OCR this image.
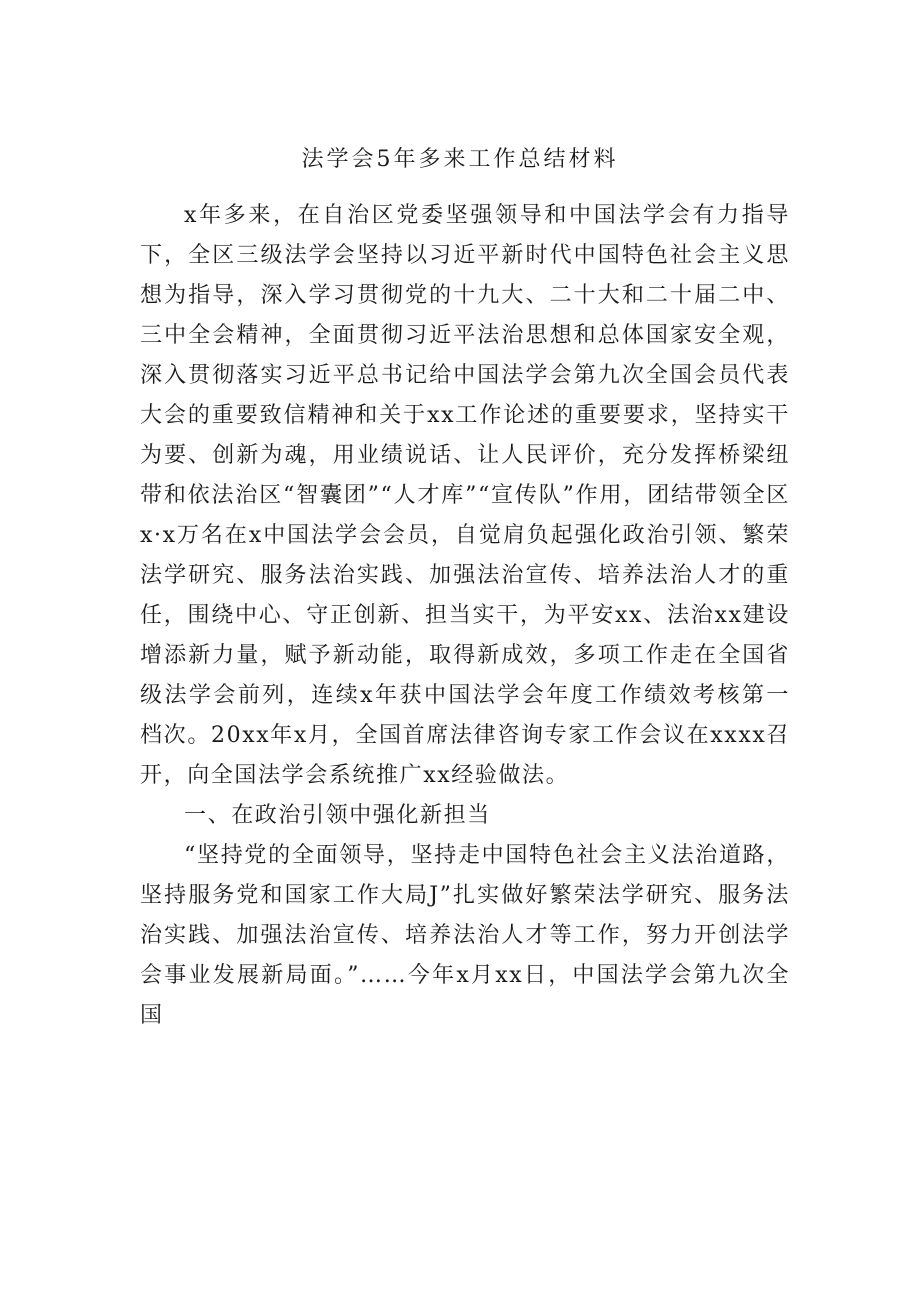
法学会5年多来工作总结材料

x年多来，在自治区党委坚强领导和中国法学会有力指导下，全区三级法学会坚持以习近平新时代中国特色社会主义思想为指导，深入学习贯彻党的十九大、二十大和二十届二中、三中全会精神，全面贯彻习近平法治思想和总体国家安全观，深入贯彻落实习近平总书记给中国法学会第九次全国会员代表大会的重要致信精神和关于xx工作论述的重要要求，坚持实干为要、创新为魂，用业绩说话、让人民评价，充分发挥桥梁纽带和依法治区“智囊团”“人才库”“宣传队”作用，团结带领全区x·x万名在x中国法学会会员，自觉肩负起强化政治引领、繁荣法学研究、服务法治实践、加强法治宣传、培养法治人才的重任，围绕中心、守正创新、担当实干，为平安xx、法治xx建设增添新力量，赋予新动能，取得新成效，多项工作走在全国省级法学会前列，连续x年获中国法学会年度工作绩效考核第一档次。20xx年x月，全国首席法律咨询专家工作会议在xxxx召开，向全国法学会系统推广xx经验做法。

一、在政治引领中强化新担当

“坚持党的全面领导，坚持走中国特色社会主义法治道路，坚持服务党和国家工作大局J”扎实做好繁荣法学研究、服务法治实践、加强法治宣传、培养法治人才等工作，努力开创法学会事业发展新局面。”……今年x月xx日，中国法学会第九次全国
